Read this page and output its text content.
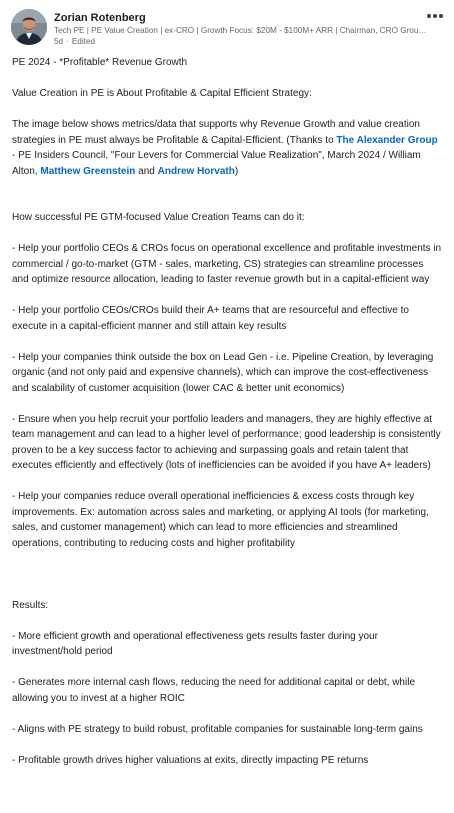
Zorian Rotenberg
Tech PE | PE Value Creation | ex-CRO | Growth Focus: $20M - $100M+ ARR | Chairman, CRO Grou…
5d · Edited

PE 2024 - *Profitable* Revenue Growth

Value Creation in PE is About Profitable & Capital Efficient Strategy:

The image below shows metrics/data that supports why Revenue Growth and value creation strategies in PE must always be Profitable & Capital-Efficient. (Thanks to The Alexander Group - PE Insiders Council, "Four Levers for Commercial Value Realization", March 2024 / William Alton, Matthew Greenstein and Andrew Horvath)

How successful PE GTM-focused Value Creation Teams can do it:

- Help your portfolio CEOs & CROs focus on operational excellence and profitable investments in commercial / go-to-market (GTM - sales, marketing, CS) strategies can streamline processes and optimize resource allocation, leading to faster revenue growth but in a capital-efficient way

- Help your portfolio CEOs/CROs build their A+ teams that are resourceful and effective to execute in a capital-efficient manner and still attain key results

- Help your companies think outside the box on Lead Gen - i.e. Pipeline Creation, by leveraging organic (and not only paid and expensive channels), which can improve the cost-effectiveness and scalability of customer acquisition (lower CAC & better unit economics)

- Ensure when you help recruit your portfolio leaders and managers, they are highly effective at team management and can lead to a higher level of performance; good leadership is consistently proven to be a key success factor to achieving and surpassing goals and retain talent that executes efficiently and effectively (lots of inefficiencies can be avoided if you have A+ leaders)

- Help your companies reduce overall operational inefficiencies & excess costs through key improvements. Ex: automation across sales and marketing, or applying AI tools (for marketing, sales, and customer management) which can lead to more efficiencies and streamlined operations, contributing to reducing costs and higher profitability

Results:

- More efficient growth and operational effectiveness gets results faster during your investment/hold period

- Generates more internal cash flows, reducing the need for additional capital or debt, while allowing you to invest at a higher ROIC

- Aligns with PE strategy to build robust, profitable companies for sustainable long-term gains

- Profitable growth drives higher valuations at exits, directly impacting PE returns
